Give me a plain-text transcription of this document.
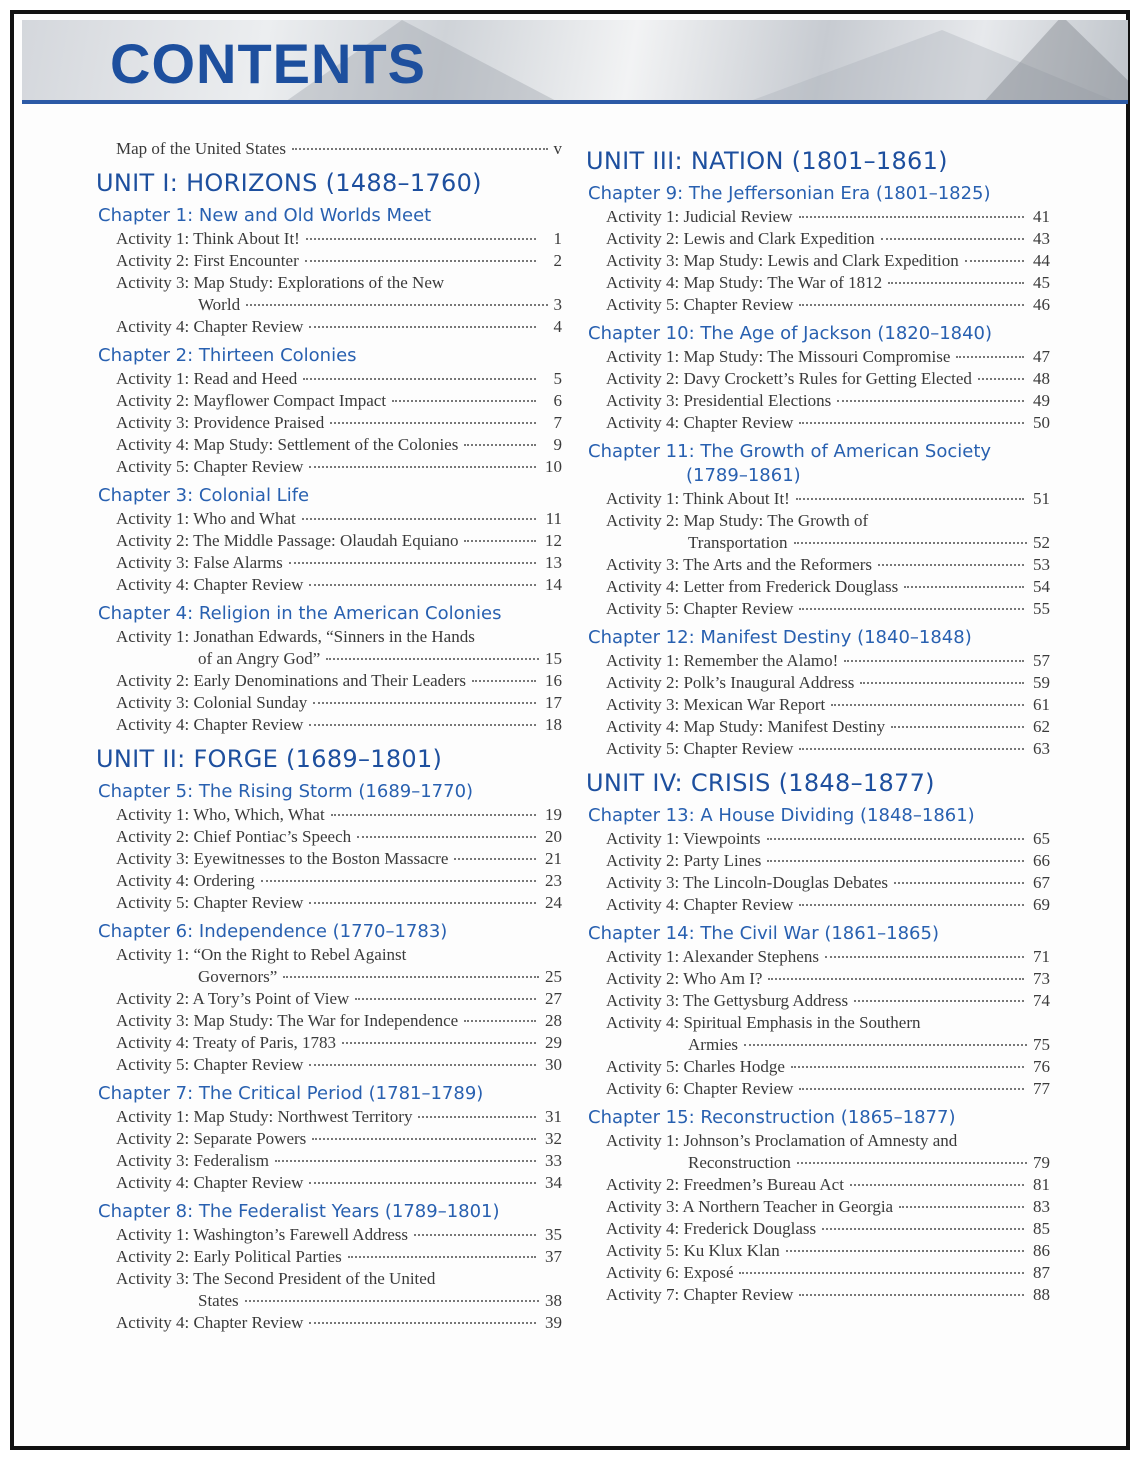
CONTENTS
Map of the United States	v
UNIT I: HORIZONS (1488–1760)
Chapter 1: New and Old Worlds Meet
Activity 1: Think About It!	1
Activity 2: First Encounter	2
Activity 3: Map Study: Explorations of the New
World	3
Activity 4: Chapter Review	4
Chapter 2: Thirteen Colonies
Activity 1: Read and Heed	5
Activity 2: Mayflower Compact Impact	6
Activity 3: Providence Praised	7
Activity 4: Map Study: Settlement of the Colonies	9
Activity 5: Chapter Review	10
Chapter 3: Colonial Life
Activity 1: Who and What	11
Activity 2: The Middle Passage: Olaudah Equiano	12
Activity 3: False Alarms	13
Activity 4: Chapter Review	14
Chapter 4: Religion in the American Colonies
Activity 1: Jonathan Edwards, “Sinners in the Hands
of an Angry God”	15
Activity 2: Early Denominations and Their Leaders	16
Activity 3: Colonial Sunday	17
Activity 4: Chapter Review	18
UNIT II: FORGE (1689–1801)
Chapter 5: The Rising Storm (1689–1770)
Activity 1: Who, Which, What	19
Activity 2: Chief Pontiac’s Speech	20
Activity 3: Eyewitnesses to the Boston Massacre	21
Activity 4: Ordering	23
Activity 5: Chapter Review	24
Chapter 6: Independence (1770–1783)
Activity 1: “On the Right to Rebel Against
Governors”	25
Activity 2: A Tory’s Point of View	27
Activity 3: Map Study: The War for Independence	28
Activity 4: Treaty of Paris, 1783	29
Activity 5: Chapter Review	30
Chapter 7: The Critical Period (1781–1789)
Activity 1: Map Study: Northwest Territory	31
Activity 2: Separate Powers	32
Activity 3: Federalism	33
Activity 4: Chapter Review	34
Chapter 8: The Federalist Years (1789–1801)
Activity 1: Washington’s Farewell Address	35
Activity 2: Early Political Parties	37
Activity 3: The Second President of the United
States	38
Activity 4: Chapter Review	39
UNIT III: NATION (1801–1861)
Chapter 9: The Jeffersonian Era (1801–1825)
Activity 1: Judicial Review	41
Activity 2: Lewis and Clark Expedition	43
Activity 3: Map Study: Lewis and Clark Expedition	44
Activity 4: Map Study: The War of 1812	45
Activity 5: Chapter Review	46
Chapter 10: The Age of Jackson (1820–1840)
Activity 1: Map Study: The Missouri Compromise	47
Activity 2: Davy Crockett’s Rules for Getting Elected	48
Activity 3: Presidential Elections	49
Activity 4: Chapter Review	50
Chapter 11: The Growth of American Society
(1789–1861)
Activity 1: Think About It!	51
Activity 2: Map Study: The Growth of
Transportation	52
Activity 3: The Arts and the Reformers	53
Activity 4: Letter from Frederick Douglass	54
Activity 5: Chapter Review	55
Chapter 12: Manifest Destiny (1840–1848)
Activity 1: Remember the Alamo!	57
Activity 2: Polk’s Inaugural Address	59
Activity 3: Mexican War Report	61
Activity 4: Map Study: Manifest Destiny	62
Activity 5: Chapter Review	63
UNIT IV: CRISIS (1848–1877)
Chapter 13: A House Dividing (1848–1861)
Activity 1: Viewpoints	65
Activity 2: Party Lines	66
Activity 3: The Lincoln-Douglas Debates	67
Activity 4: Chapter Review	69
Chapter 14: The Civil War (1861–1865)
Activity 1: Alexander Stephens	71
Activity 2: Who Am I?	73
Activity 3: The Gettysburg Address	74
Activity 4: Spiritual Emphasis in the Southern
Armies	75
Activity 5: Charles Hodge	76
Activity 6: Chapter Review	77
Chapter 15: Reconstruction (1865–1877)
Activity 1: Johnson’s Proclamation of Amnesty and
Reconstruction	79
Activity 2: Freedmen’s Bureau Act	81
Activity 3: A Northern Teacher in Georgia	83
Activity 4: Frederick Douglass	85
Activity 5: Ku Klux Klan	86
Activity 6: Exposé	87
Activity 7: Chapter Review	88
